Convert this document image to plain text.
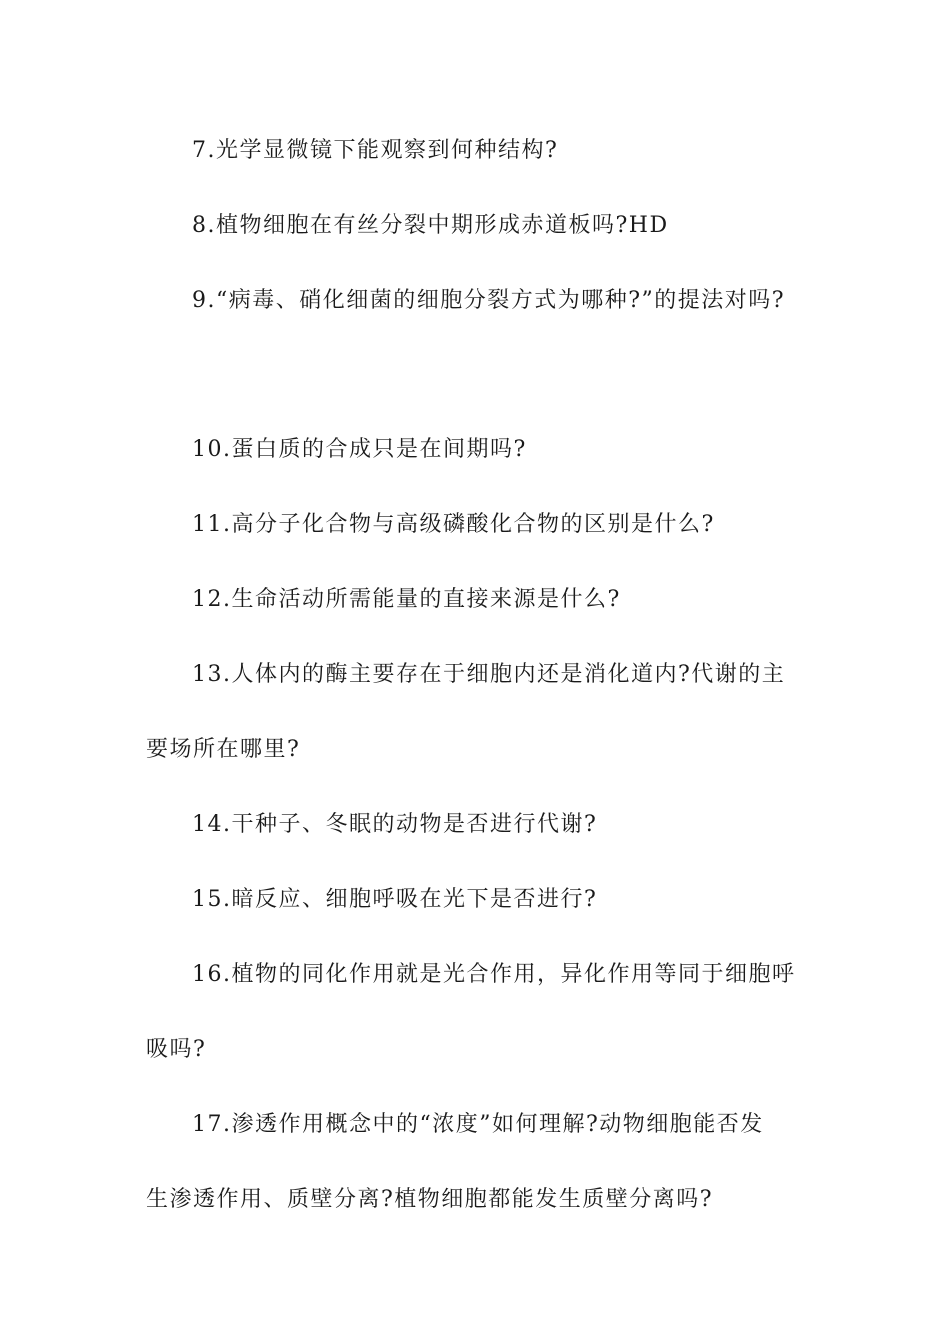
7.光学显微镜下能观察到何种结构?
8.植物细胞在有丝分裂中期形成赤道板吗?HD
9.“病毒、硝化细菌的细胞分裂方式为哪种?”的提法对吗?
10.蛋白质的合成只是在间期吗?
11.高分子化合物与高级磷酸化合物的区别是什么?
12.生命活动所需能量的直接来源是什么?
13.人体内的酶主要存在于细胞内还是消化道内?代谢的主
要场所在哪里?
14.干种子、冬眠的动物是否进行代谢?
15.暗反应、细胞呼吸在光下是否进行?
16.植物的同化作用就是光合作用，异化作用等同于细胞呼
吸吗?
17.渗透作用概念中的“浓度”如何理解?动物细胞能否发
生渗透作用、质壁分离?植物细胞都能发生质壁分离吗?
